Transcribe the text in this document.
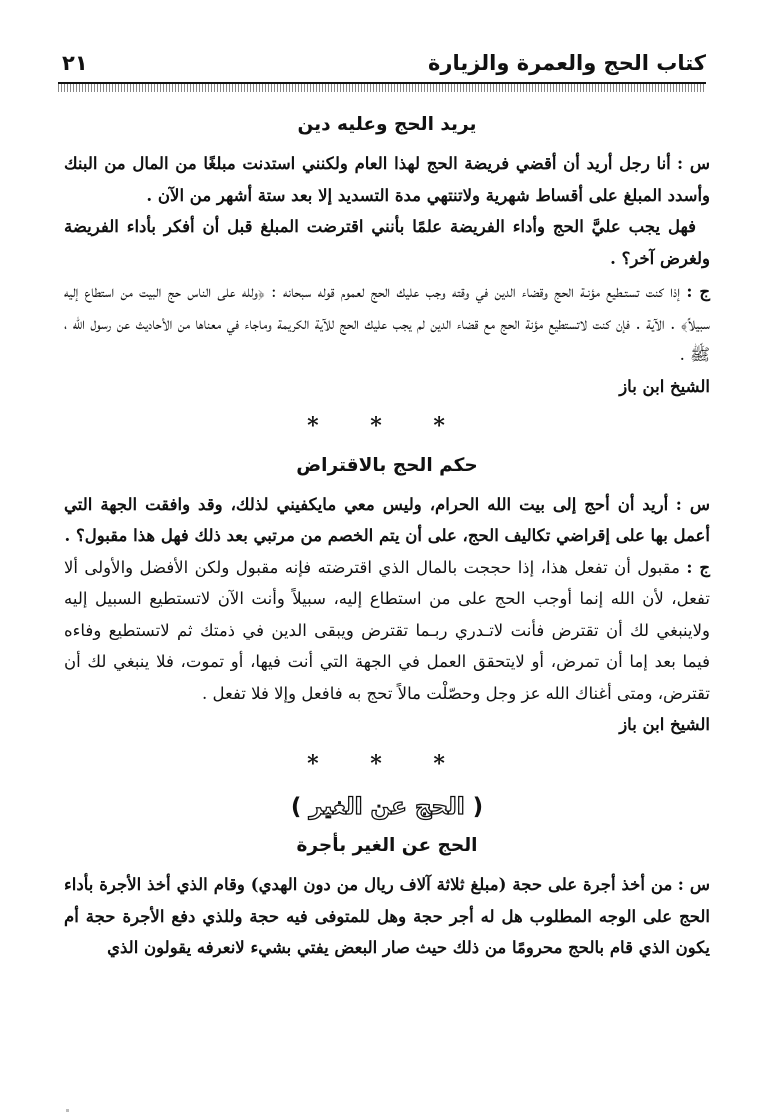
كتاب الحج والعمرة والزيارة
٢١
يريد الحج وعليه دين

س : أنا رجل أريد أن أقضي فريضة الحج لهذا العام ولكنني استدنت مبلغًا من المال من البنك وأسدد المبلغ على أقساط شهرية ولاتنتهي مدة التسديد إلا بعد ستة أشهر من الآن .

فهل يجب عليَّ الحج وأداء الفريضة علمًا بأنني اقترضت المبلغ قبل أن أفكر بأداء الفريضة ولغرض آخر؟ .

ج : إذا كنت تستـطيع مؤنـة الحج وقضاء الدين في وقته وجب عليك الحج لعموم قوله سبحانه : ﴿ولله على الناس حج البيت من استطاع إليه سبيلاً﴾ . الآية . فإن كنت لاتستطيع مؤنة الحج مع قضاء الدين لم يجب عليك الحج للآية الكريمة وماجاء في معناها من الأحاديث عن رسول الله ، ﷺ .

الشيخ ابن باز
* * *
حكم الحج بالاقتراض

س : أريد أن أحج إلى بيت الله الحرام، وليس معي مايكفيني لذلك، وقد وافقت الجهة التي أعمل بها على إقراضي تكاليف الحج، على أن يتم الخصم من مرتبي بعد ذلك فهل هذا مقبول؟ .

ج : مقبول أن تفعل هذا، إذا حججت بالمال الذي اقترضته فإنه مقبول ولكن الأفضل والأولى ألا تفعل، لأن الله إنما أوجب الحج على من استطاع إليه، سبيلاً وأنت الآن لاتستطيع السبيل إليه ولاينبغي لك أن تقترض فأنت لاتـدري ربـما تقترض ويبقى الدين في ذمتك ثم لاتستطيع وفاءه فيما بعد إما أن تمرض، أو لايتحقق العمل في الجهة التي أنت فيها، أو تموت، فلا ينبغي لك أن تقترض، ومتى أغناك الله عز وجل وحصّلْت مالاً تحج به فافعل وإلا فلا تفعل .

الشيخ ابن باز
* * *
( الحج عن الغير )
الحج عن الغير بأجرة

س : من أخذ أجرة على حجة (مبلغ ثلاثة آلاف ريال من دون الهدي) وقام الذي أخذ الأجرة بأداء الحج على الوجه المطلوب هل له أجر حجة وهل للمتوفى فيه حجة وللذي دفع الأجرة حجة أم يكون الذي قام بالحج محرومًا من ذلك حيث صار البعض يفتي بشيء لانعرفه يقولون الذي
